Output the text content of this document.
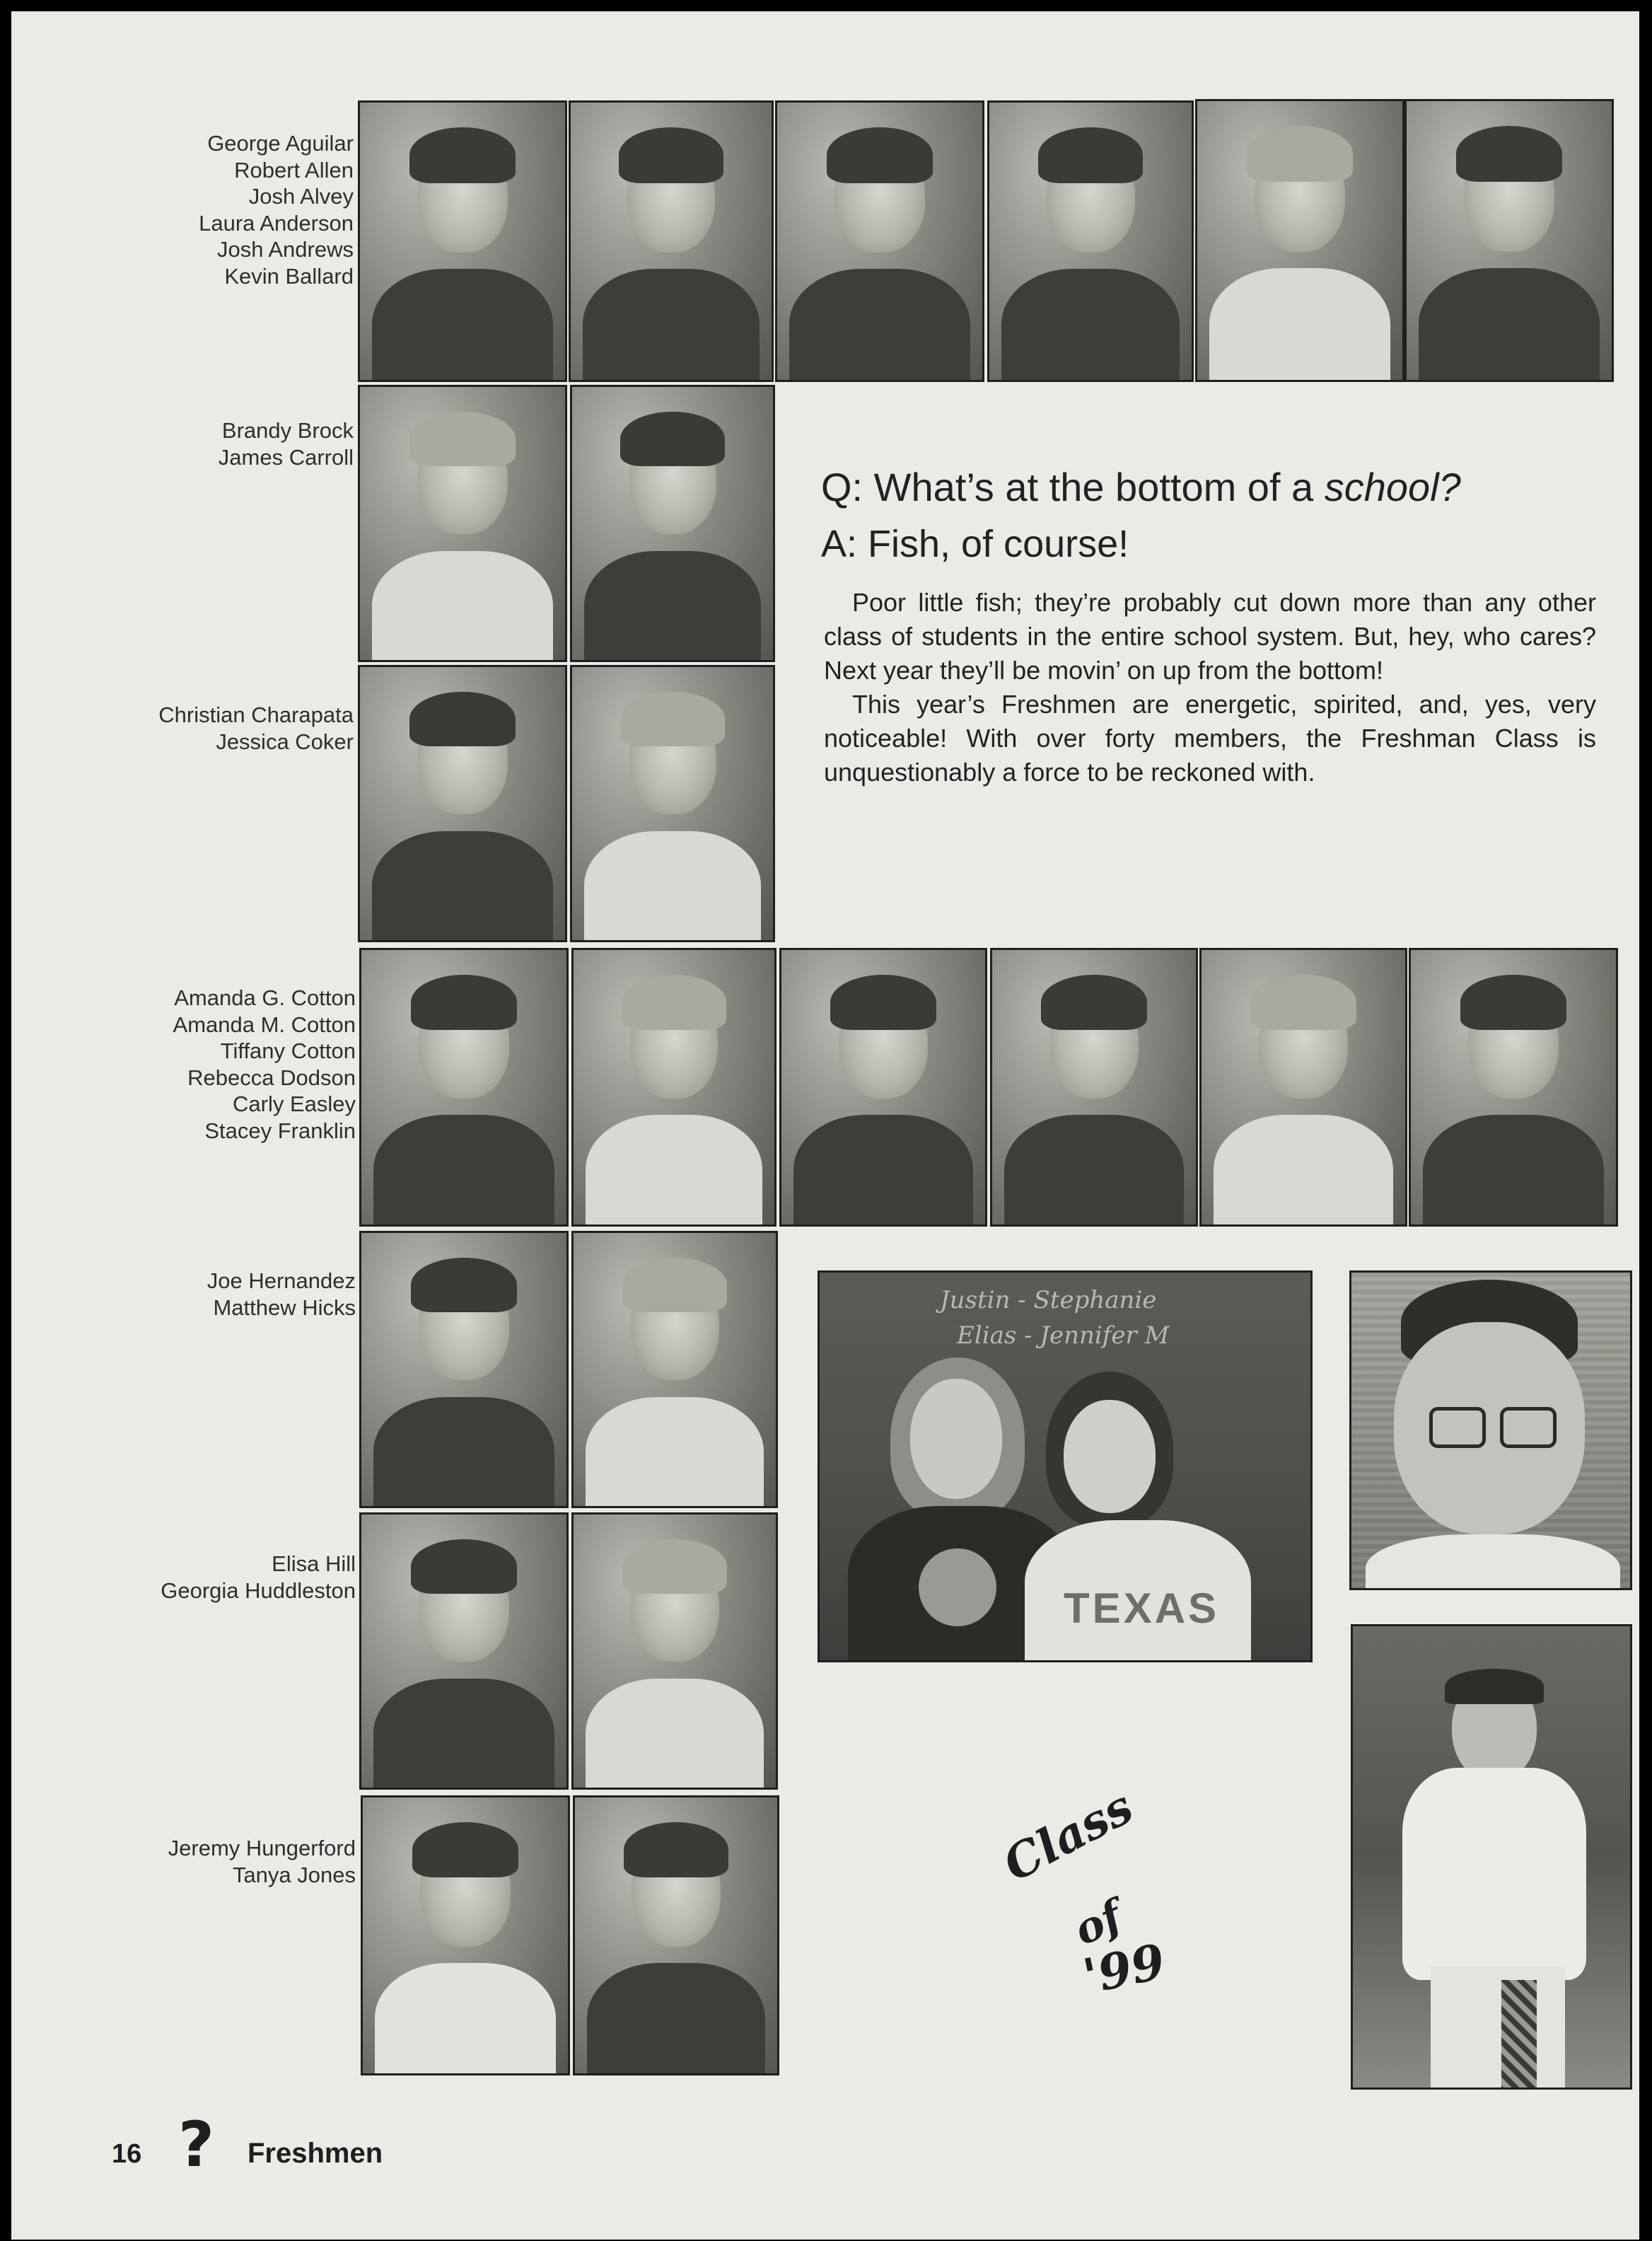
George Aguilar
Robert Allen
Josh Alvey
Laura Anderson
Josh Andrews
Kevin Ballard
Brandy Brock
James Carroll
Christian Charapata
Jessica Coker
Amanda G. Cotton
Amanda M. Cotton
Tiffany Cotton
Rebecca Dodson
Carly Easley
Stacey Franklin
Joe Hernandez
Matthew Hicks
Elisa Hill
Georgia Huddleston
Jeremy Hungerford
Tanya Jones
Q: What’s at the bottom of a school?
A: Fish, of course!

Poor little fish; they’re probably cut down more than any other class of students in the entire school system. But, hey, who cares? Next year they’ll be movin’ on up from the bottom!

This year’s Freshmen are energetic, spirited, and, yes, very noticeable! With over forty members, the Freshman Class is unquestionably a force to be reckoned with.

Justin - Stephanie
Elias - Jennifer M
TEXAS
Class
of
'99
16 ? Freshmen
